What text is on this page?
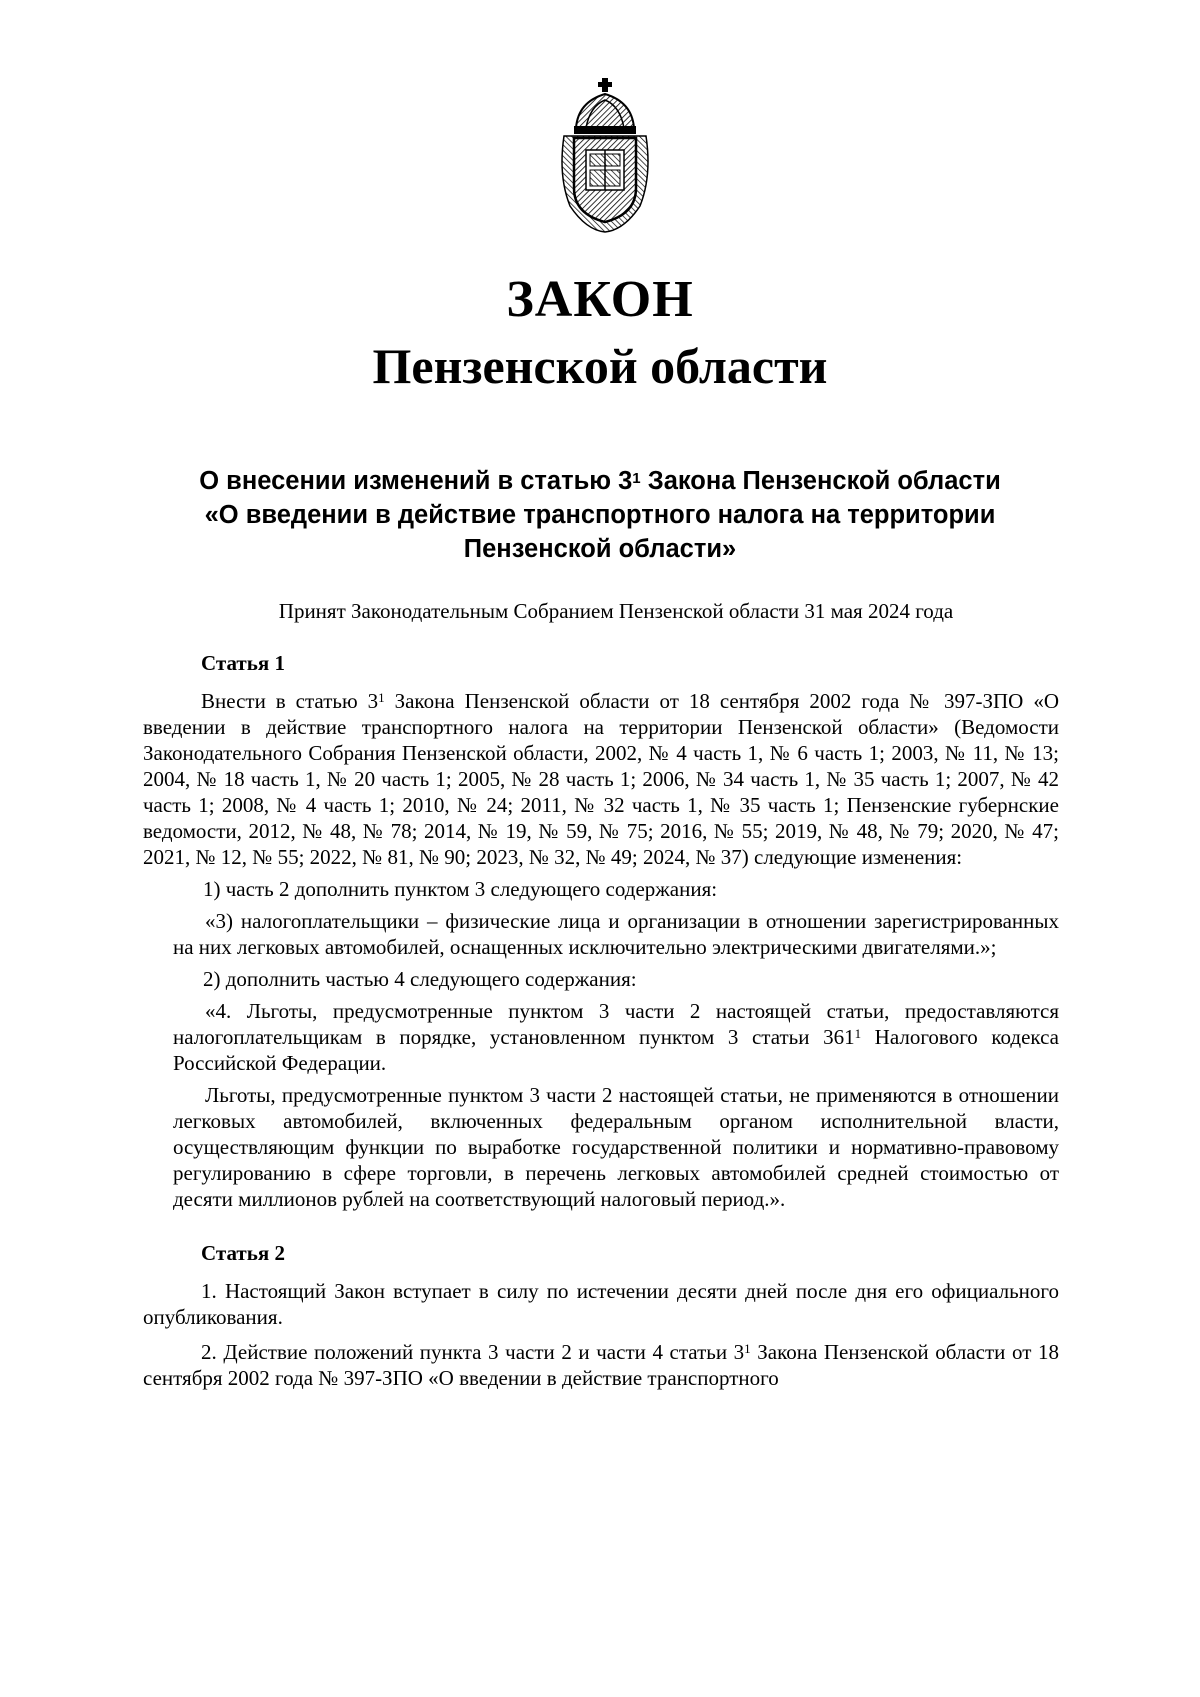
ЗАКОН
Пензенской области
О внесении изменений в статью $3^1$ Закона Пензенской области
«О введении в действие транспортного налога на территории
Пензенской области»

Принят Законодательным Собранием Пензенской области 31 мая 2024 года

Статья 1

Внести в статью $3^1$ Закона Пензенской области от 18 сентября 2002 года № 397-ЗПО «О введении в действие транспортного налога на территории Пензенской области» (Ведомости Законодательного Собрания Пензенской области, 2002, № 4 часть 1, № 6 часть 1; 2003, № 11, № 13; 2004, № 18 часть 1, № 20 часть 1; 2005, № 28 часть 1; 2006, № 34 часть 1, № 35 часть 1; 2007, № 42 часть 1; 2008, № 4 часть 1; 2010, № 24; 2011, № 32 часть 1, № 35 часть 1; Пензенские губернские ведомости, 2012, № 48, № 78; 2014, № 19, № 59, № 75; 2016, № 55; 2019, № 48, № 79; 2020, № 47; 2021, № 12, № 55; 2022, № 81, № 90; 2023, № 32, № 49; 2024, № 37) следующие изменения:

1) часть 2 дополнить пунктом 3 следующего содержания:

«3) налогоплательщики – физические лица и организации в отношении зарегистрированных на них легковых автомобилей, оснащенных исключительно электрическими двигателями.»;

2) дополнить частью 4 следующего содержания:

«4. Льготы, предусмотренные пунктом 3 части 2 настоящей статьи, предоставляются налогоплательщикам в порядке, установленном пунктом 3 статьи $361^1$ Налогового кодекса Российской Федерации.

Льготы, предусмотренные пунктом 3 части 2 настоящей статьи, не применяются в отношении легковых автомобилей, включенных федеральным органом исполнительной власти, осуществляющим функции по выработке государственной политики и нормативно-правовому регулированию в сфере торговли, в перечень легковых автомобилей средней стоимостью от десяти миллионов рублей на соответствующий налоговый период.».

Статья 2

1. Настоящий Закон вступает в силу по истечении десяти дней после дня его официального опубликования.

2. Действие положений пункта 3 части 2 и части 4 статьи $3^1$ Закона Пензенской области от 18 сентября 2002 года № 397-ЗПО «О введении в действие транспортного
